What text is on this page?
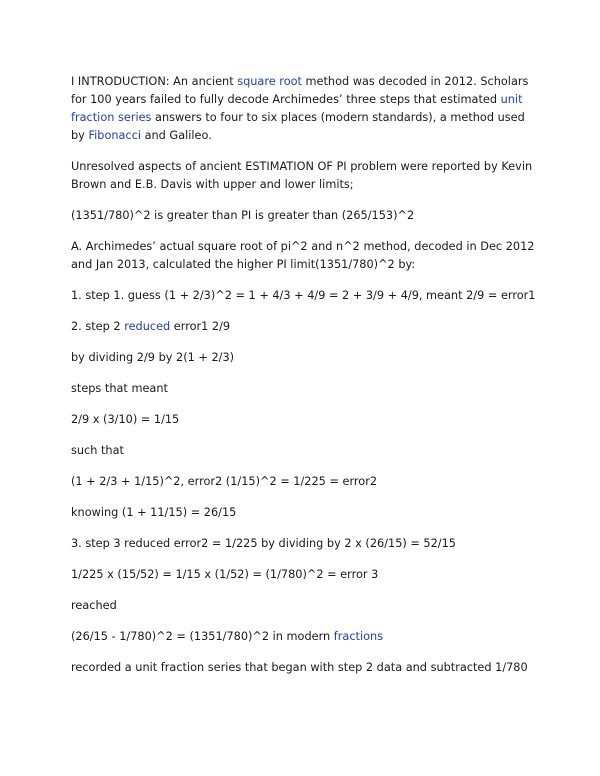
I INTRODUCTION: An ancient square root method was decoded in 2012. Scholars for 100 years failed to fully decode Archimedes’ three steps that estimated unit fraction series answers to four to six places (modern standards), a method used by Fibonacci and Galileo.

Unresolved aspects of ancient ESTIMATION OF PI problem were reported by Kevin Brown and E.B. Davis with upper and lower limits;

(1351/780)^2 is greater than PI is greater than (265/153)^2

A. Archimedes’ actual square root of pi^2 and n^2 method, decoded in Dec 2012 and Jan 2013, calculated the higher PI limit(1351/780)^2 by:

1. step 1. guess (1 + 2/3)^2 = 1 + 4/3 + 4/9 = 2 + 3/9 + 4/9, meant 2/9 = error1

2. step 2 reduced error1 2/9

by dividing 2/9 by 2(1 + 2/3)

steps that meant

2/9 x (3/10) = 1/15

such that

(1 + 2/3 + 1/15)^2, error2 (1/15)^2 = 1/225 = error2

knowing (1 + 11/15) = 26/15

3. step 3 reduced error2 = 1/225 by dividing by 2 x (26/15) = 52/15

1/225 x (15/52) = 1/15 x (1/52) = (1/780)^2 = error 3

reached

(26/15 - 1/780)^2 = (1351/780)^2 in modern fractions

recorded a unit fraction series that began with step 2 data and subtracted 1/780
